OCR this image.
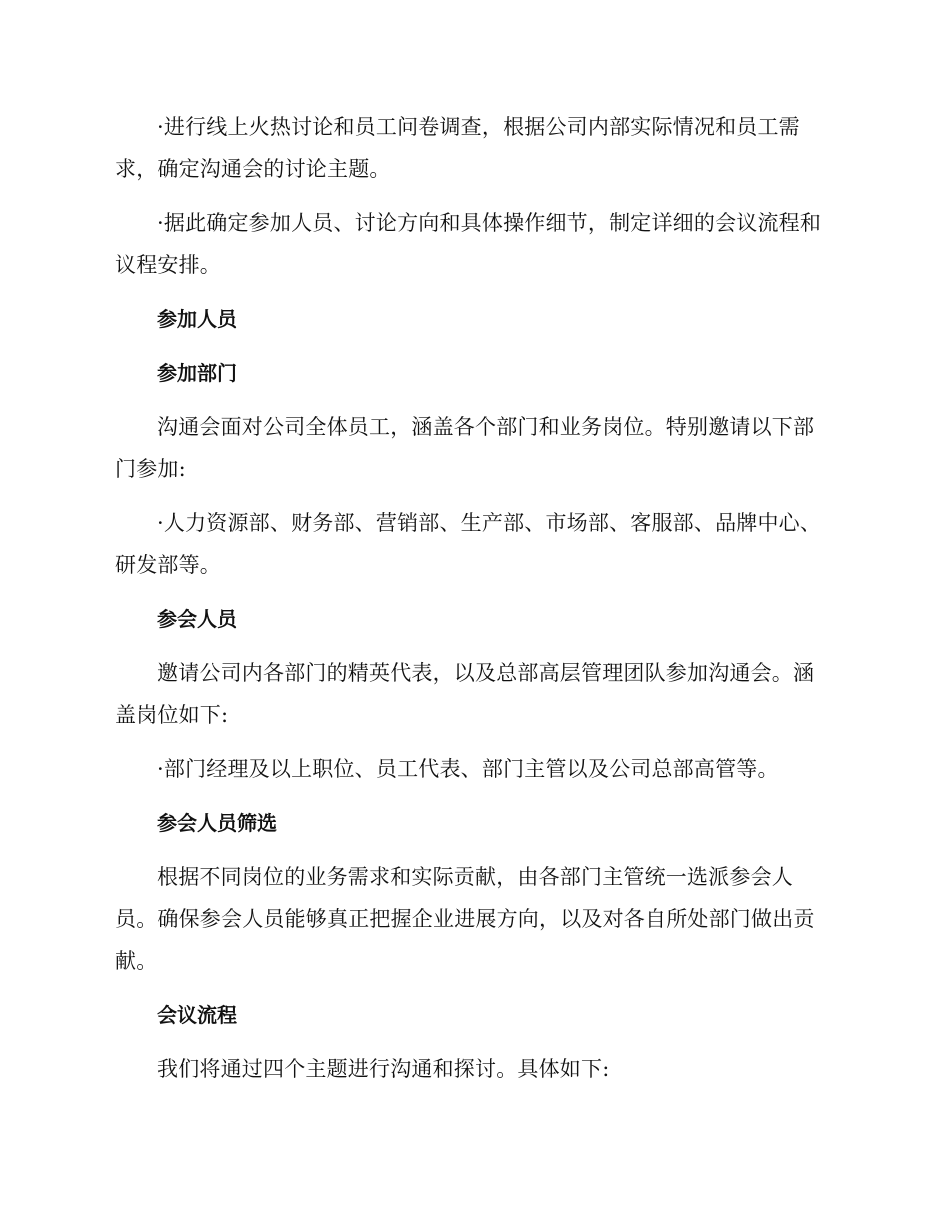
·进行线上火热讨论和员工问卷调查，根据公司内部实际情况和员工需求，确定沟通会的讨论主题。

·据此确定参加人员、讨论方向和具体操作细节，制定详细的会议流程和议程安排。

参加人员
参加部门

沟通会面对公司全体员工，涵盖各个部门和业务岗位。特别邀请以下部门参加:

·人力资源部、财务部、营销部、生产部、市场部、客服部、品牌中心、研发部等。

参会人员

邀请公司内各部门的精英代表，以及总部高层管理团队参加沟通会。涵盖岗位如下:

·部门经理及以上职位、员工代表、部门主管以及公司总部高管等。

参会人员筛选

根据不同岗位的业务需求和实际贡献，由各部门主管统一选派参会人员。确保参会人员能够真正把握企业进展方向，以及对各自所处部门做出贡献。

会议流程

我们将通过四个主题进行沟通和探讨。具体如下:
